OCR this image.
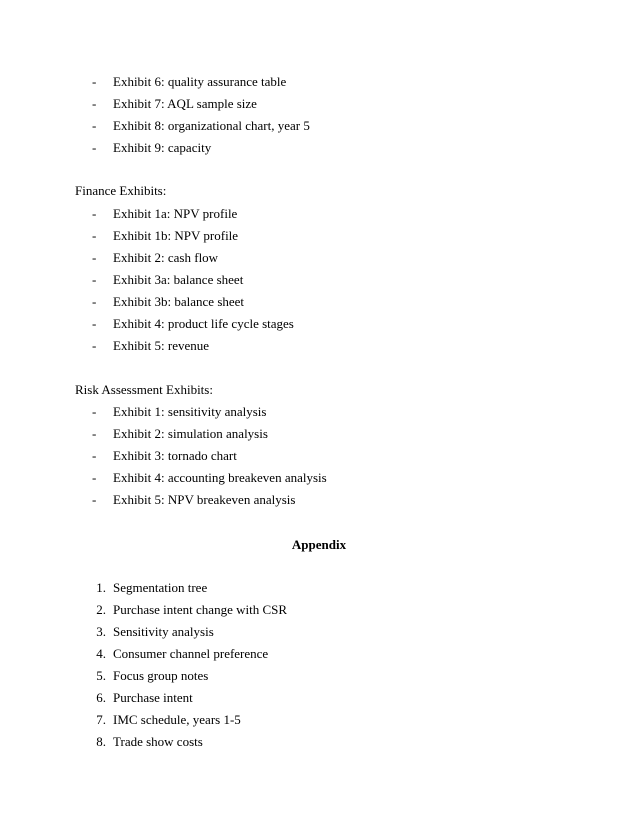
- Exhibit 6: quality assurance table
- Exhibit 7: AQL sample size
- Exhibit 8: organizational chart, year 5
- Exhibit 9: capacity
Finance Exhibits:
- Exhibit 1a: NPV profile
- Exhibit 1b: NPV profile
- Exhibit 2: cash flow
- Exhibit 3a: balance sheet
- Exhibit 3b: balance sheet
- Exhibit 4: product life cycle stages
- Exhibit 5: revenue
Risk Assessment Exhibits:
- Exhibit 1: sensitivity analysis
- Exhibit 2: simulation analysis
- Exhibit 3: tornado chart
- Exhibit 4: accounting breakeven analysis
- Exhibit 5: NPV breakeven analysis
Appendix
1. Segmentation tree
2. Purchase intent change with CSR
3. Sensitivity analysis
4. Consumer channel preference
5. Focus group notes
6. Purchase intent
7. IMC schedule, years 1-5
8. Trade show costs
